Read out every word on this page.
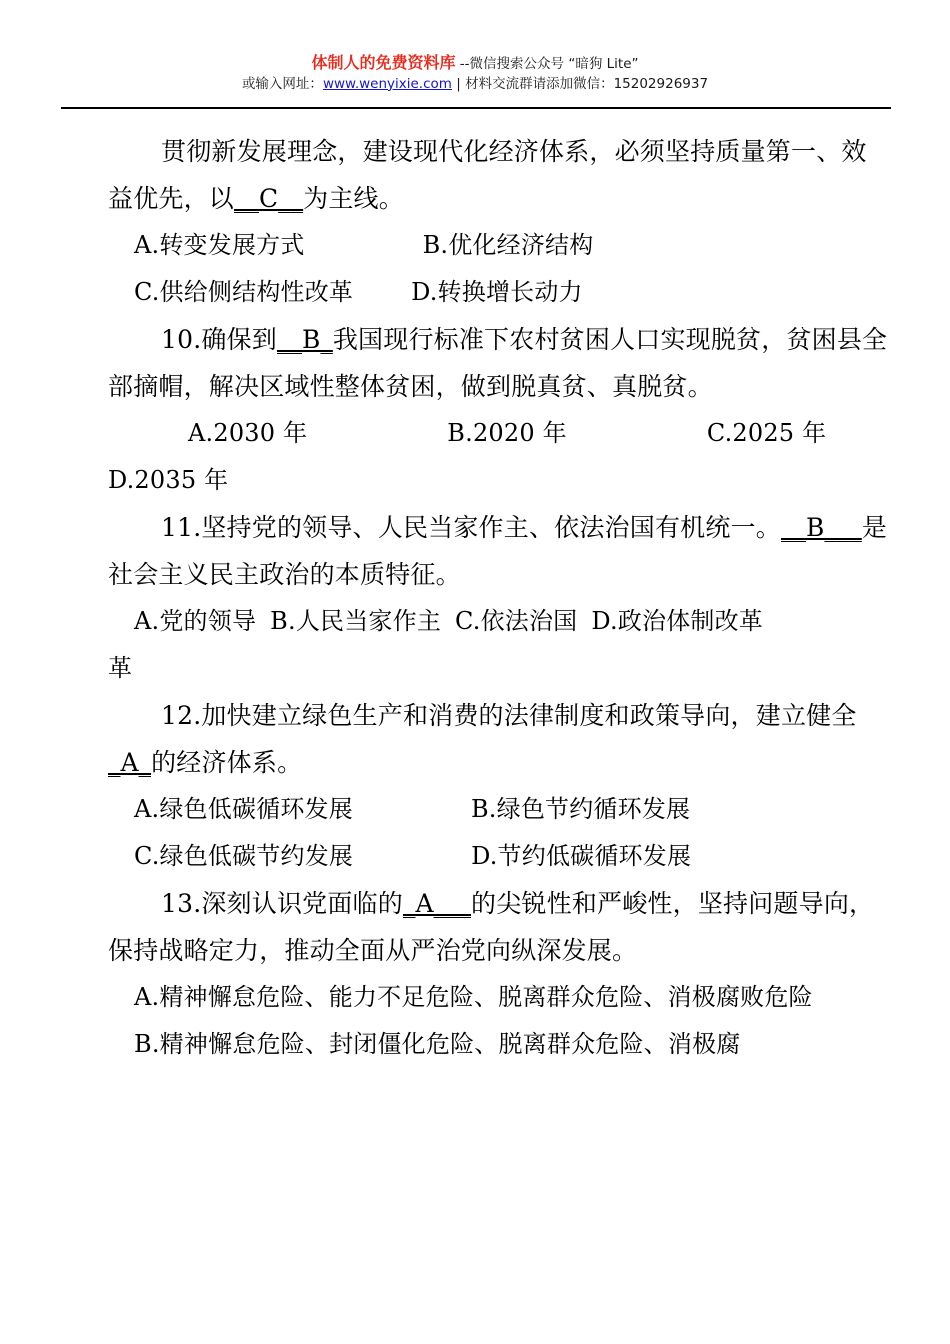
体制人的免费资料库 --微信搜索公众号 “暗狗 Lite”
或输入网址：www.wenyixie.com | 材料交流群请添加微信：15202926937

贯彻新发展理念，建设现代化经济体系，必须坚持质量第一、效益优先，以__C__为主线。

A.转变发展方式	B.优化经济结构

C.供给侧结构性改革 D.转换增长动力

10.确保到__B_我国现行标准下农村贫困人口实现脱贫，贫困县全部摘帽，解决区域性整体贫困，做到脱真贫、真脱贫。

A.2030 年	B.2020 年	C.2025 年

D.2035 年

11.坚持党的领导、人民当家作主、依法治国有机统一。__B___是社会主义民主政治的本质特征。

A.党的领导 B.人民当家作主 C.依法治国 D.政治体制改革

革

12.加快建立绿色生产和消费的法律制度和政策导向，建立健全_A_的经济体系。

A.绿色低碳循环发展	B.绿色节约循环发展

C.绿色低碳节约发展	D.节约低碳循环发展

13.深刻认识党面临的_A___的尖锐性和严峻性，坚持问题导向，保持战略定力，推动全面从严治党向纵深发展。

A.精神懈怠危险、能力不足危险、脱离群众危险、消极腐败危险

B.精神懈怠危险、封闭僵化危险、脱离群众危险、消极腐
